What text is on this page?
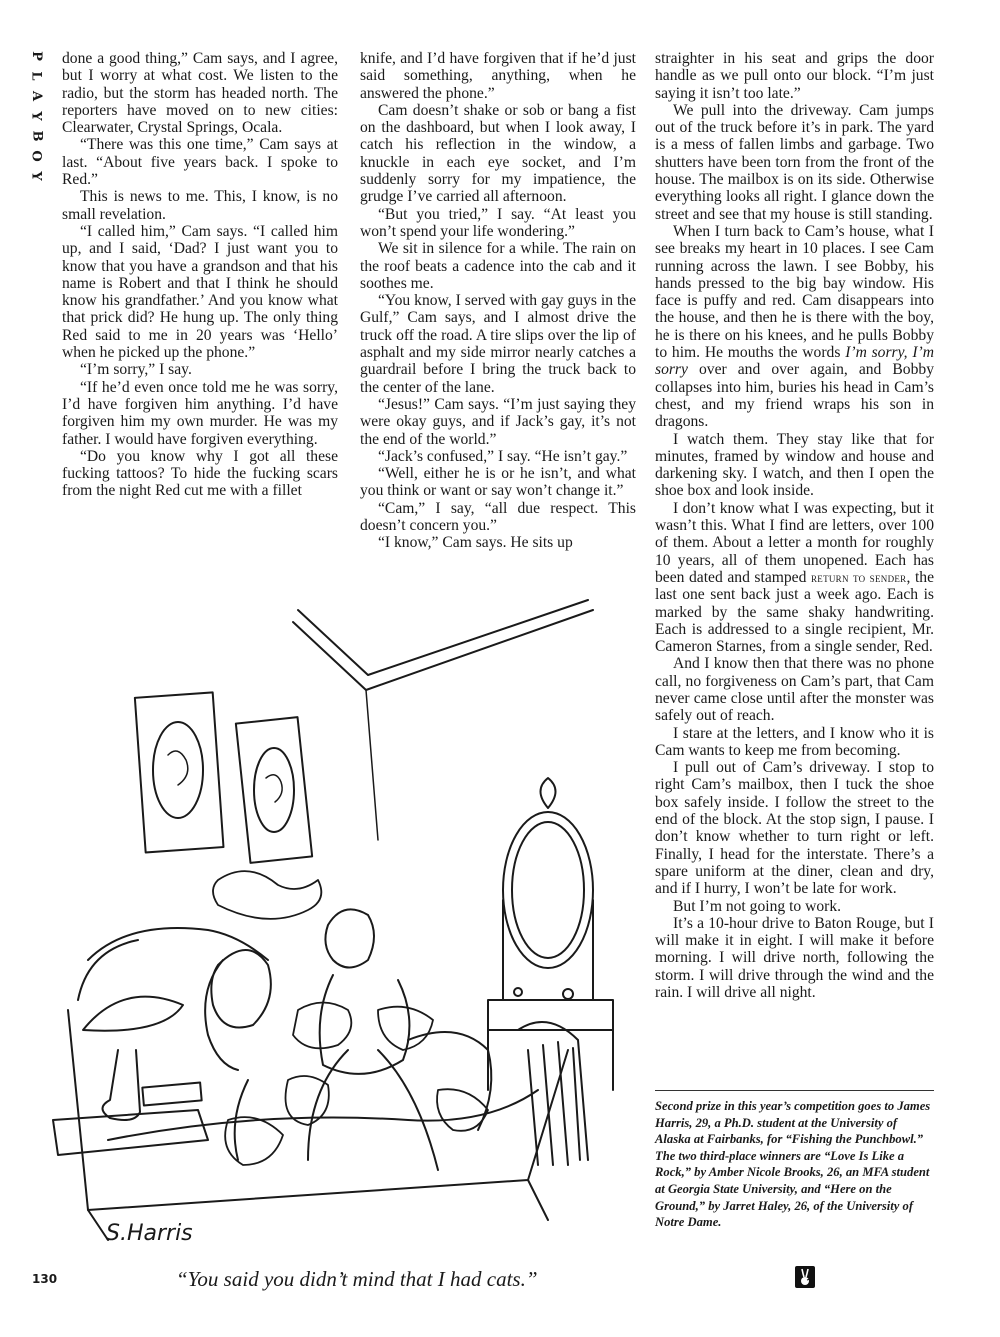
P
L
A
Y
B
O
Y

done a good thing,” Cam says, and I agree, but I worry at what cost. We listen to the radio, but the storm has headed north. The reporters have moved on to new cities: Clearwater, Crystal Springs, Ocala.

“There was this one time,” Cam says at last. “About five years back. I spoke to Red.”

This is news to me. This, I know, is no small revelation.

“I called him,” Cam says. “I called him up, and I said, ‘Dad? I just want you to know that you have a grandson and that his name is Robert and that I think he should know his grandfather.’ And you know what that prick did? He hung up. The only thing Red said to me in 20 years was ‘Hello’ when he picked up the phone.”

“I’m sorry,” I say.

“If he’d even once told me he was sorry, I’d have forgiven him anything. I’d have forgiven him my own murder. He was my father. I would have forgiven everything.

“Do you know why I got all these fucking tattoos? To hide the fucking scars from the night Red cut me with a fillet

knife, and I’d have forgiven that if he’d just said something, anything, when he answered the phone.”

Cam doesn’t shake or sob or bang a fist on the dashboard, but when I look away, I catch his reflection in the window, a knuckle in each eye socket, and I’m suddenly sorry for my impatience, the grudge I’ve carried all afternoon.

“But you tried,” I say. “At least you won’t spend your life wondering.”

We sit in silence for a while. The rain on the roof beats a cadence into the cab and it soothes me.

“You know, I served with gay guys in the Gulf,” Cam says, and I almost drive the truck off the road. A tire slips over the lip of asphalt and my side mirror nearly catches a guardrail before I bring the truck back to the center of the lane.

“Jesus!” Cam says. “I’m just saying they were okay guys, and if Jack’s gay, it’s not the end of the world.”

“Jack’s confused,” I say. “He isn’t gay.”

“Well, either he is or he isn’t, and what you think or want or say won’t change it.”

“Cam,” I say, “all due respect. This doesn’t concern you.”

“I know,” Cam says. He sits up

straighter in his seat and grips the door handle as we pull onto our block. “I’m just saying it isn’t too late.”

We pull into the driveway. Cam jumps out of the truck before it’s in park. The yard is a mess of fallen limbs and garbage. Two shutters have been torn from the front of the house. The mailbox is on its side. Otherwise everything looks all right. I glance down the street and see that my house is still standing.

When I turn back to Cam’s house, what I see breaks my heart in 10 places. I see Cam running across the lawn. I see Bobby, his hands pressed to the big bay window. His face is puffy and red. Cam disappears into the house, and then he is there with the boy, he is there on his knees, and he pulls Bobby to him. He mouths the words I’m sorry, I’m sorry over and over again, and Bobby collapses into him, buries his head in Cam’s chest, and my friend wraps his son in dragons.

I watch them. They stay like that for minutes, framed by window and house and darkening sky. I watch, and then I open the shoe box and look inside.

I don’t know what I was expecting, but it wasn’t this. What I find are letters, over 100 of them. About a letter a month for roughly 10 years, all of them unopened. Each has been dated and stamped return to sender, the last one sent back just a week ago. Each is marked by the same shaky handwriting. Each is addressed to a single recipient, Mr. Cameron Starnes, from a single sender, Red.

And I know then that there was no phone call, no forgiveness on Cam’s part, that Cam never came close until after the monster was safely out of reach.

I stare at the letters, and I know who it is Cam wants to keep me from becoming.

I pull out of Cam’s driveway. I stop to right Cam’s mailbox, then I tuck the shoe box safely inside. I follow the street to the end of the block. At the stop sign, I pause. I don’t know whether to turn right or left. Finally, I head for the interstate. There’s a spare uniform at the diner, clean and dry, and if I hurry, I won’t be late for work.

But I’m not going to work.

It’s a 10-hour drive to Baton Rouge, but I will make it in eight. I will make it before morning. I will drive north, following the storm. I will drive through the wind and the rain. I will drive all night.

Second prize in this year’s competition goes to James Harris, 29, a Ph.D. student at the University of Alaska at Fairbanks, for “Fishing the Punchbowl.” The two third-place winners are “Love Is Like a Rock,” by Amber Nicole Brooks, 26, an MFA student at Georgia State University, and “Here on the Ground,” by Jarret Haley, 26, of the University of Notre Dame.
S.Harris
“You said you didn’t mind that I had cats.”
130
